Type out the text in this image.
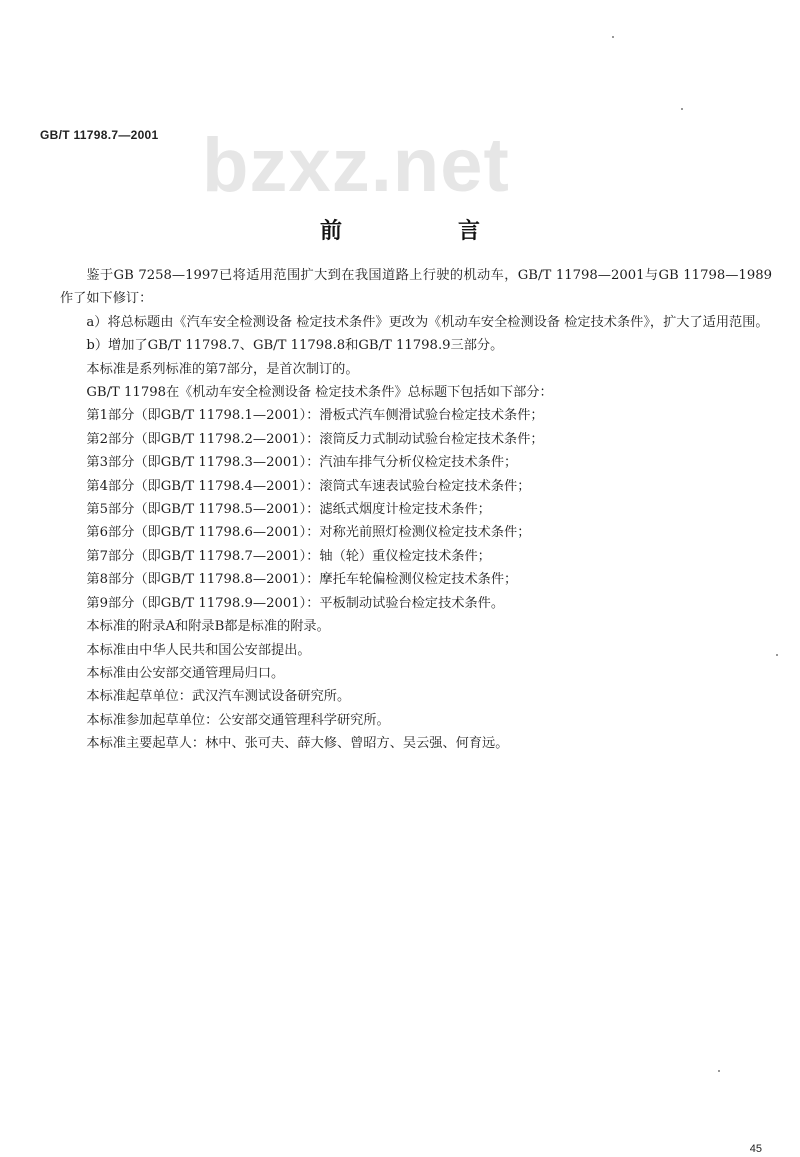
GB/T 11798.7—2001 bzxz.net
前	言

鉴于GB 7258—1997已将适用范围扩大到在我国道路上行驶的机动车，GB/T 11798—2001与GB 11798—1989作了如下修订：

a）将总标题由《汽车安全检测设备 检定技术条件》更改为《机动车安全检测设备 检定技术条件》，扩大了适用范围。

b）增加了GB/T 11798.7、GB/T 11798.8和GB/T 11798.9三部分。

本标准是系列标准的第7部分，是首次制订的。

GB/T 11798在《机动车安全检测设备 检定技术条件》总标题下包括如下部分：

第1部分（即GB/T 11798.1—2001）：滑板式汽车侧滑试验台检定技术条件；

第2部分（即GB/T 11798.2—2001）：滚筒反力式制动试验台检定技术条件；

第3部分（即GB/T 11798.3—2001）：汽油车排气分析仪检定技术条件；

第4部分（即GB/T 11798.4—2001）：滚筒式车速表试验台检定技术条件；

第5部分（即GB/T 11798.5—2001）：滤纸式烟度计检定技术条件；

第6部分（即GB/T 11798.6—2001）：对称光前照灯检测仪检定技术条件；

第7部分（即GB/T 11798.7—2001）：轴（轮）重仪检定技术条件；

第8部分（即GB/T 11798.8—2001）：摩托车轮偏检测仪检定技术条件；

第9部分（即GB/T 11798.9—2001）：平板制动试验台检定技术条件。

本标准的附录A和附录B都是标准的附录。

本标准由中华人民共和国公安部提出。

本标准由公安部交通管理局归口。

本标准起草单位：武汉汽车测试设备研究所。

本标准参加起草单位：公安部交通管理科学研究所。

本标准主要起草人：林中、张可夫、薛大修、曾昭方、吴云强、何育远。

45
